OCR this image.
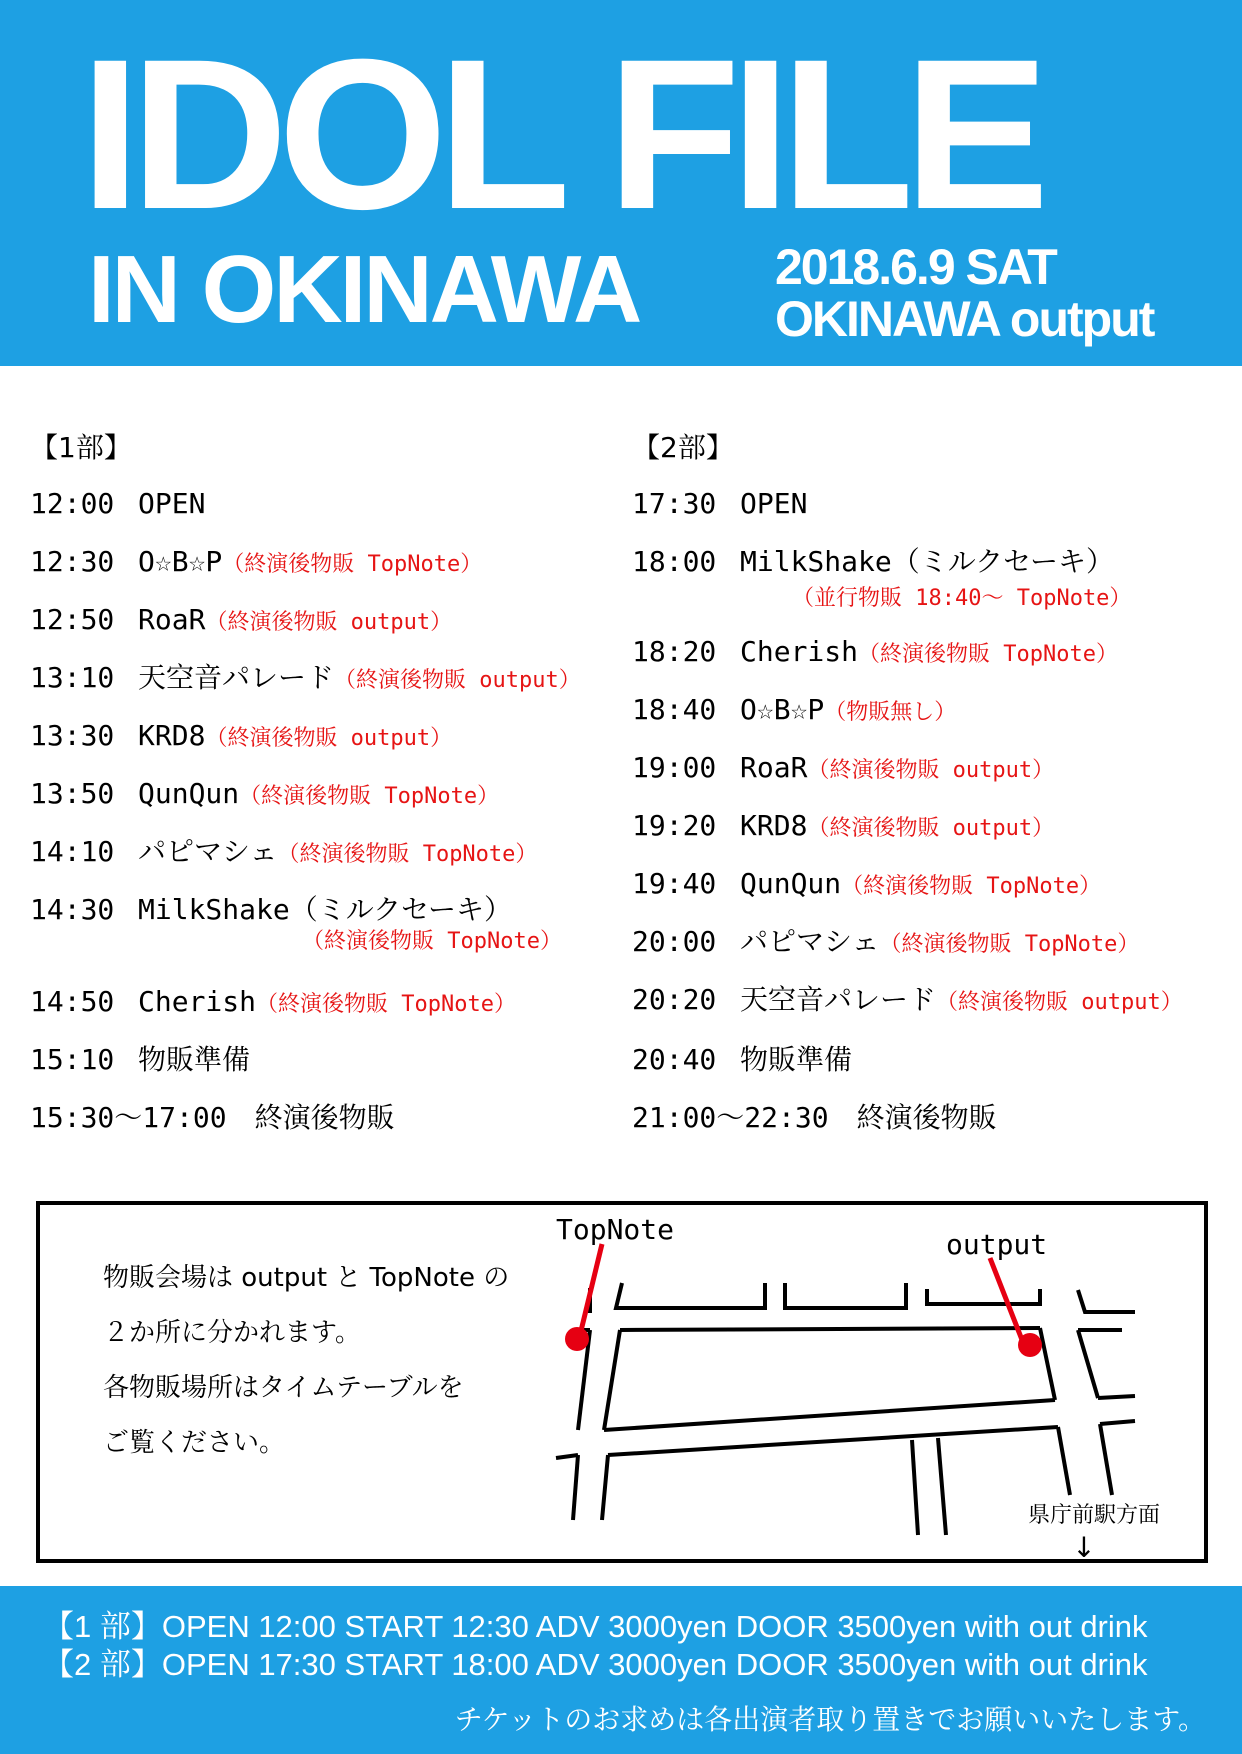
IDOL FILE
IN OKINAWA	2018.6.9 SAT
OKINAWA output
【1部】
12:00 OPEN
12:30 O☆B☆P（終演後物販 TopNote）
12:50 RoaR（終演後物販 output）
13:10 天空音パレード（終演後物販 output）
13:30 KRD8（終演後物販 output）
13:50 QunQun（終演後物販 TopNote）
14:10 パピマシェ（終演後物販 TopNote）
14:30 MilkShake（ミルクセーキ）
14:50 Cherish（終演後物販 TopNote）
15:10 物販準備
（終演後物販 TopNote）
15:30〜17:00　終演後物販
【2部】
17:30 OPEN
18:00 MilkShake（ミルクセーキ）
18:20 Cherish（終演後物販 TopNote）
18:40 O☆B☆P（物販無し）
19:00 RoaR（終演後物販 output）
19:20 KRD8（終演後物販 output）
19:40 QunQun（終演後物販 TopNote）
20:00 パピマシェ（終演後物販 TopNote）
20:20 天空音パレード（終演後物販 output）
20:40 物販準備
（並行物販 18:40〜 TopNote）
21:00〜22:30　終演後物販
物販会場は output と TopNote の
２か所に分かれます。
各物販場所はタイムテーブルを
ご覧ください。
TopNote	output
県庁前駅方面
↓
【1 部】OPEN 12:00 START 12:30 ADV 3000yen DOOR 3500yen with out drink
【2 部】OPEN 17:30 START 18:00 ADV 3000yen DOOR 3500yen with out drink
チケットのお求めは各出演者取り置きでお願いいたします。
